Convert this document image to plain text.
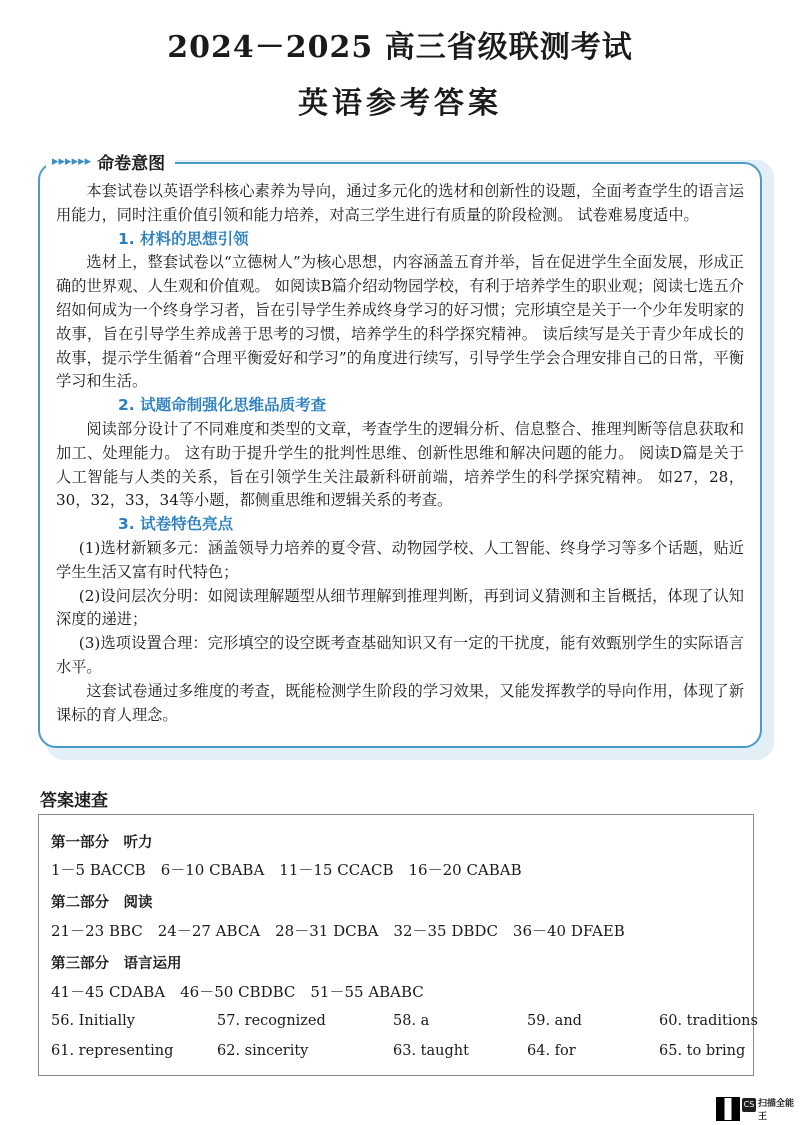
2024－2025 高三省级联测考试
英语参考答案
▸▸▸▸▸▸ 命卷意图

本套试卷以英语学科核心素养为导向，通过多元化的选材和创新性的设题，全面考查学生的语言运用能力，同时注重价值引领和能力培养，对高三学生进行有质量的阶段检测。 试卷难易度适中。

1. 材料的思想引领

选材上，整套试卷以“立德树人”为核心思想，内容涵盖五育并举，旨在促进学生全面发展，形成正确的世界观、人生观和价值观。 如阅读B篇介绍动物园学校，有利于培养学生的职业观；阅读七选五介绍如何成为一个终身学习者，旨在引导学生养成终身学习的好习惯；完形填空是关于一个少年发明家的故事，旨在引导学生养成善于思考的习惯，培养学生的科学探究精神。 读后续写是关于青少年成长的故事，提示学生循着“合理平衡爱好和学习”的角度进行续写，引导学生学会合理安排自己的日常，平衡学习和生活。

2. 试题命制强化思维品质考查

阅读部分设计了不同难度和类型的文章，考查学生的逻辑分析、信息整合、推理判断等信息获取和加工、处理能力。 这有助于提升学生的批判性思维、创新性思维和解决问题的能力。 阅读D篇是关于人工智能与人类的关系，旨在引领学生关注最新科研前端，培养学生的科学探究精神。 如27，28，30，32，33，34等小题，都侧重思维和逻辑关系的考查。

3. 试卷特色亮点

(1)选材新颖多元：涵盖领导力培养的夏令营、动物园学校、人工智能、终身学习等多个话题，贴近学生生活又富有时代特色；

(2)设问层次分明：如阅读理解题型从细节理解到推理判断，再到词义猜测和主旨概括，体现了认知深度的递进；

(3)选项设置合理：完形填空的设空既考查基础知识又有一定的干扰度，能有效甄别学生的实际语言水平。

这套试卷通过多维度的考查，既能检测学生阶段的学习效果，又能发挥教学的导向作用，体现了新课标的育人理念。

答案速查
第一部分　听力
1－5 BACCB　6－10 CBABA　11－15 CCACB　16－20 CABAB
第二部分　阅读
21－23 BBC　24－27 ABCA　28－31 DCBA　32－35 DBDC　36－40 DFAEB
第三部分　语言运用
41－45 CDABA　46－50 CBDBC　51－55 ABABC
56. Initially	57. recognized	58. a	59. and	60. traditions
61. representing	62. sincerity	63. taught	64. for	65. to bring
CS 扫描全能王
